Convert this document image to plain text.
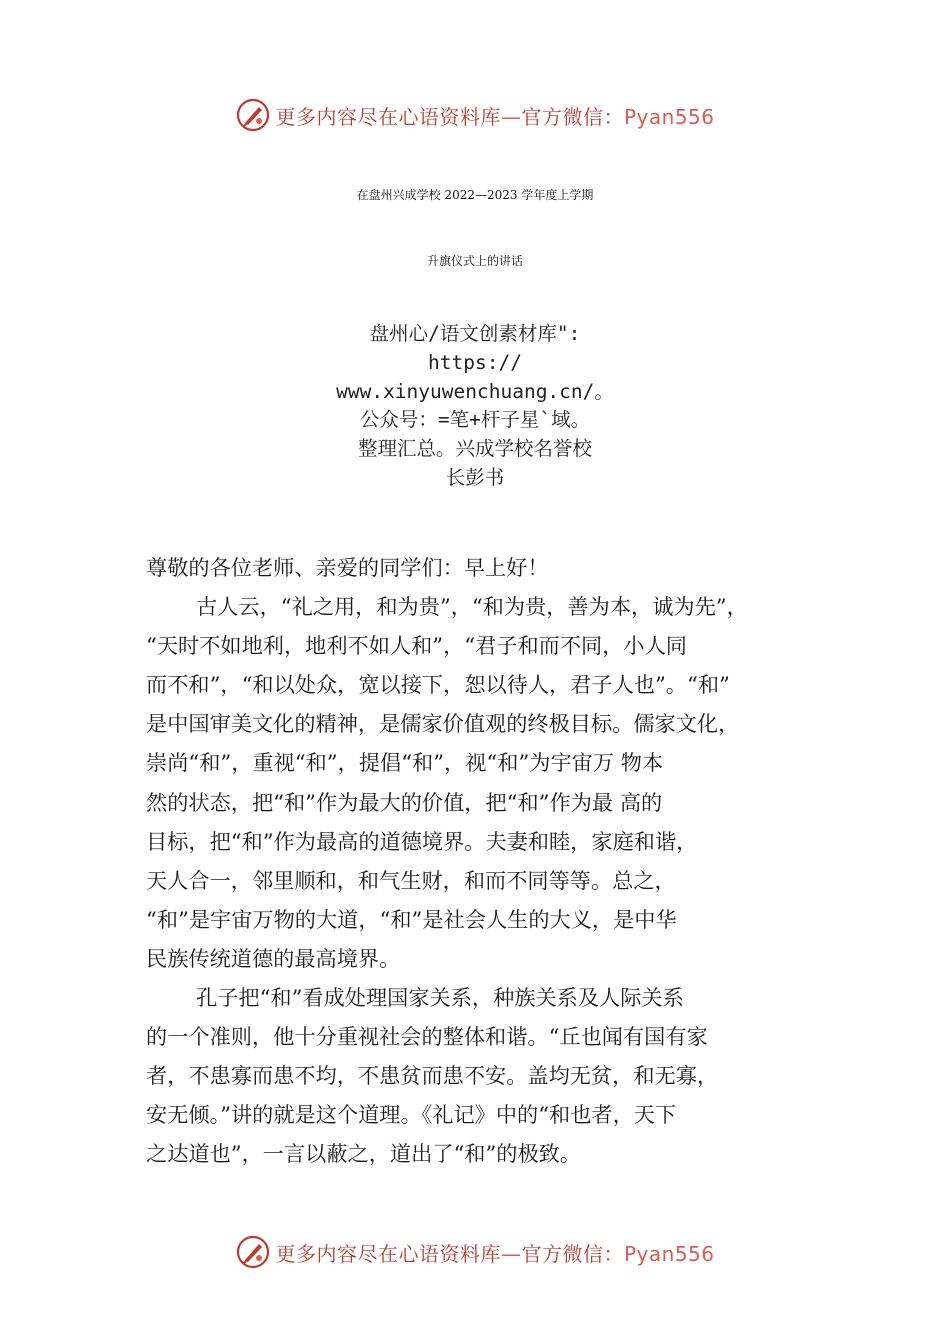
更多内容尽在心语资料库—官方微信：Pyan556
在盘州兴成学校 2022—2023 学年度上学期
升旗仪式上的讲话
盘州心/语文创素材库":
https://
www.xinyuwenchuang.cn/。
公众号：=笔+杆子星`域。
整理汇总。兴成学校名誉校
长彭书
尊敬的各位老师、亲爱的同学们：早上好！
古人云，“礼之用，和为贵”，“和为贵，善为本，诚为先”，
“天时不如地利，地利不如人和”，“君子和而不同，小人同
而不和”，“和以处众，宽以接下，恕以待人，君子人也”。“和”
是中国审美文化的精神，是儒家价值观的终极目标。儒家文化，
崇尚“和”，重视“和”，提倡“和”，视“和”为宇宙万 物本
然的状态，把“和”作为最大的价值，把“和”作为最 高的
目标，把“和”作为最高的道德境界。夫妻和睦，家庭和谐，
天人合一，邻里顺和，和气生财，和而不同等等。总之，
“和”是宇宙万物的大道，“和”是社会人生的大义，是中华
民族传统道德的最高境界。
孔子把“和”看成处理国家关系，种族关系及人际关系
的一个准则，他十分重视社会的整体和谐。“丘也闻有国有家
者，不患寡而患不均，不患贫而患不安。盖均无贫，和无寡，
安无倾。”讲的就是这个道理。《礼记》中的“和也者，天下
之达道也”，一言以蔽之，道出了“和”的极致。
更多内容尽在心语资料库—官方微信：Pyan556
